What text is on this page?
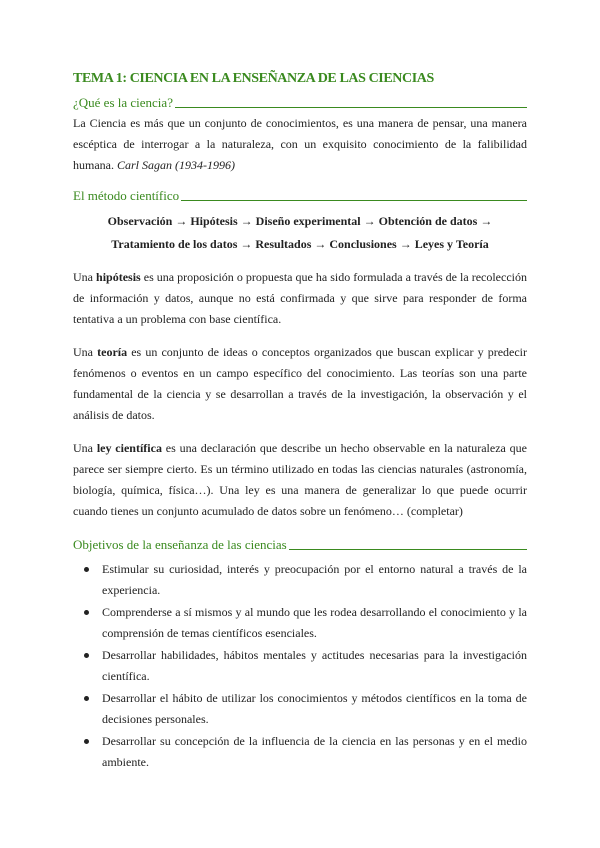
TEMA 1: CIENCIA EN LA ENSEÑANZA DE LAS CIENCIAS
¿Qué es la ciencia?

La Ciencia es más que un conjunto de conocimientos, es una manera de pensar, una manera escéptica de interrogar a la naturaleza, con un exquisito conocimiento de la falibilidad humana. Carl Sagan (1934-1996)

El método científico
Observación → Hipótesis → Diseño experimental → Obtención de datos →
Tratamiento de los datos → Resultados → Conclusiones → Leyes y Teoría

Una hipótesis es una proposición o propuesta que ha sido formulada a través de la recolección de información y datos, aunque no está confirmada y que sirve para responder de forma tentativa a un problema con base científica.

Una teoría es un conjunto de ideas o conceptos organizados que buscan explicar y predecir fenómenos o eventos en un campo específico del conocimiento. Las teorías son una parte fundamental de la ciencia y se desarrollan a través de la investigación, la observación y el análisis de datos.

Una ley científica es una declaración que describe un hecho observable en la naturaleza que parece ser siempre cierto. Es un término utilizado en todas las ciencias naturales (astronomía, biología, química, física…). Una ley es una manera de generalizar lo que puede ocurrir cuando tienes un conjunto acumulado de datos sobre un fenómeno… (completar)

Objetivos de la enseñanza de las ciencias
Estimular su curiosidad, interés y preocupación por el entorno natural a través de la experiencia.
Comprenderse a sí mismos y al mundo que les rodea desarrollando el conocimiento y la comprensión de temas científicos esenciales.
Desarrollar habilidades, hábitos mentales y actitudes necesarias para la investigación científica.
Desarrollar el hábito de utilizar los conocimientos y métodos científicos en la toma de decisiones personales.
Desarrollar su concepción de la influencia de la ciencia en las personas y en el medio ambiente.
